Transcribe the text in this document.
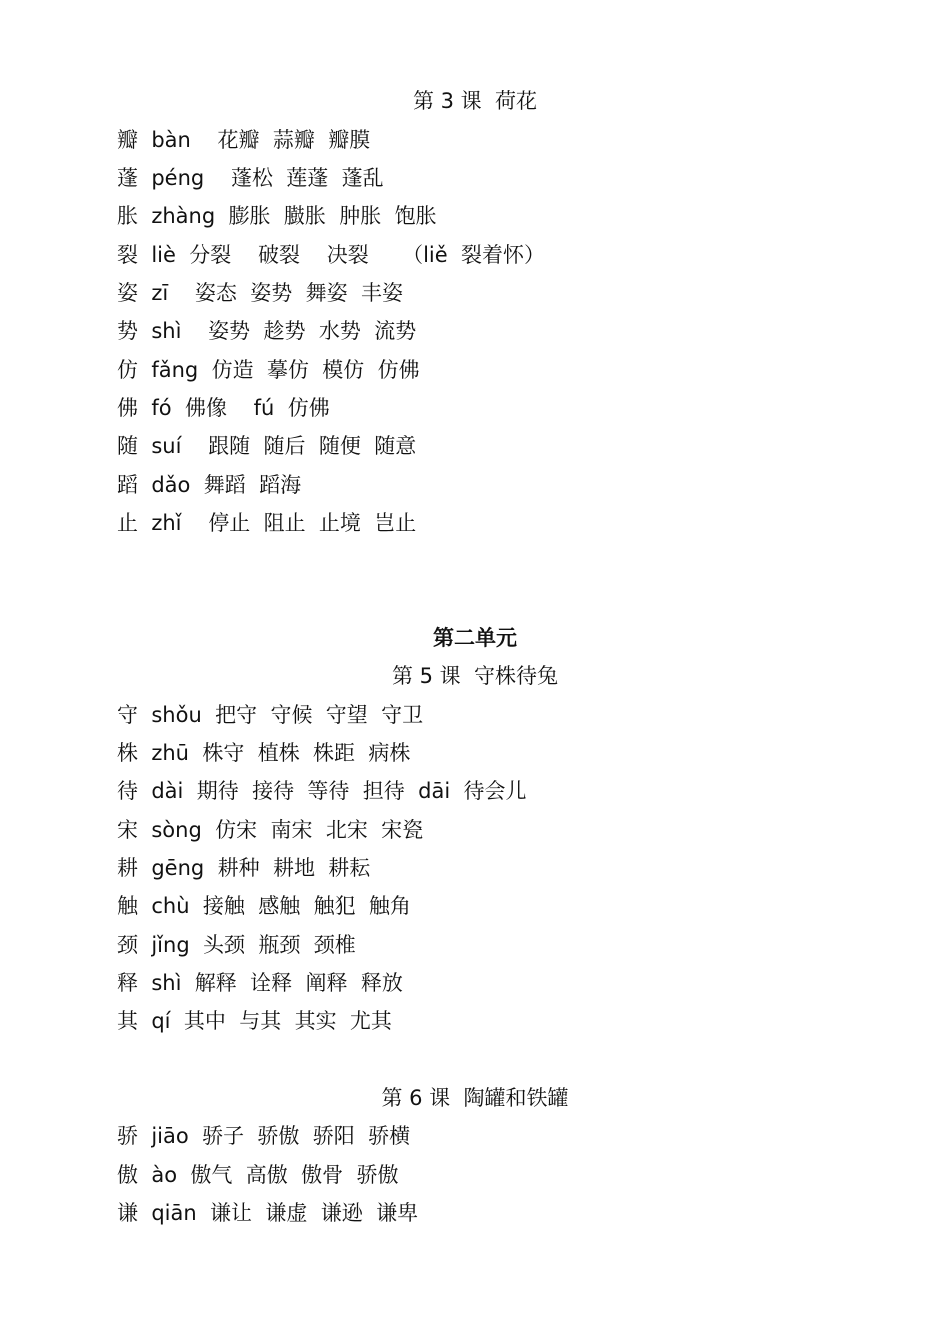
第 3 课  荷花
瓣  bàn    花瓣  蒜瓣  瓣膜
蓬  péng    蓬松  莲蓬  蓬乱
胀  zhàng  膨胀  臌胀  肿胀  饱胀
裂  liè  分裂    破裂    决裂     （liě  裂着怀）
姿  zī    姿态  姿势  舞姿  丰姿
势  shì    姿势  趁势  水势  流势
仿  fǎng  仿造  摹仿  模仿  仿佛
佛  fó  佛像    fú  仿佛
随  suí    跟随  随后  随便  随意
蹈  dǎo  舞蹈  蹈海
止  zhǐ    停止  阻止  止境  岂止
第二单元
第 5 课  守株待兔
守  shǒu  把守  守候  守望  守卫
株  zhū  株守  植株  株距  病株
待  dài  期待  接待  等待  担待  dāi  待会儿
宋  sòng  仿宋  南宋  北宋  宋瓷
耕  gēng  耕种  耕地  耕耘
触  chù  接触  感触  触犯  触角
颈  jǐng  头颈  瓶颈  颈椎
释  shì  解释  诠释  阐释  释放
其  qí  其中  与其  其实  尤其
第 6 课  陶罐和铁罐
骄  jiāo  骄子  骄傲  骄阳  骄横
傲  ào  傲气  高傲  傲骨  骄傲
谦  qiān  谦让  谦虚  谦逊  谦卑
